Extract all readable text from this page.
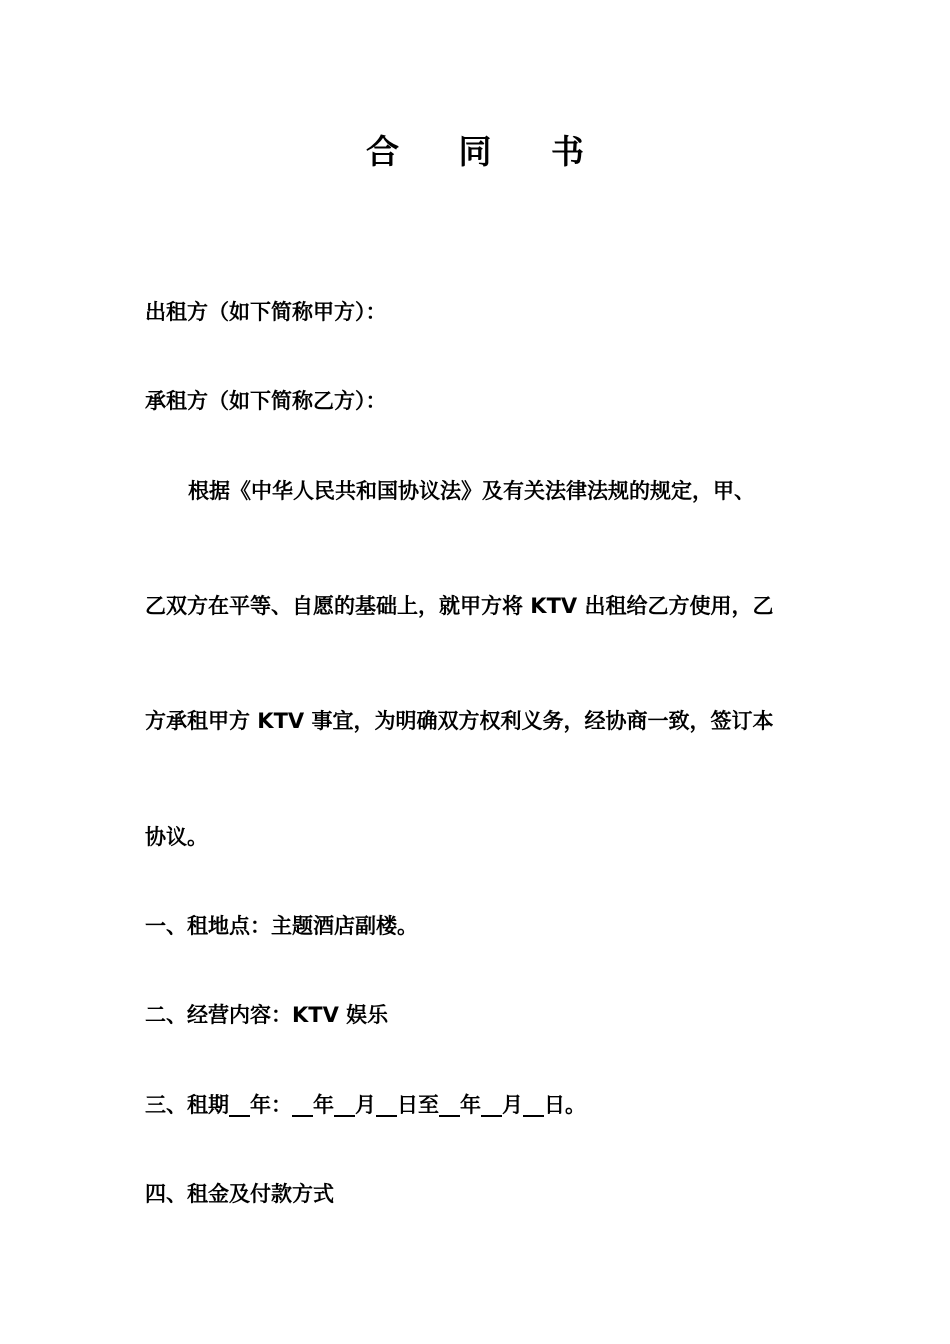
合 同 书
出租方（如下简称甲方）：
承租方（如下简称乙方）：
根据《中华人民共和国协议法》及有关法律法规的规定，甲、
乙双方在平等、自愿的基础上，就甲方将 KTV 出租给乙方使用，乙
方承租甲方 KTV 事宜，为明确双方权利义务，经协商一致，签订本
协议。
一、租地点：主题酒店副楼。
二、经营内容：KTV 娱乐
三、租期__年：__年__月__日至__年__月__日。
四、租金及付款方式
